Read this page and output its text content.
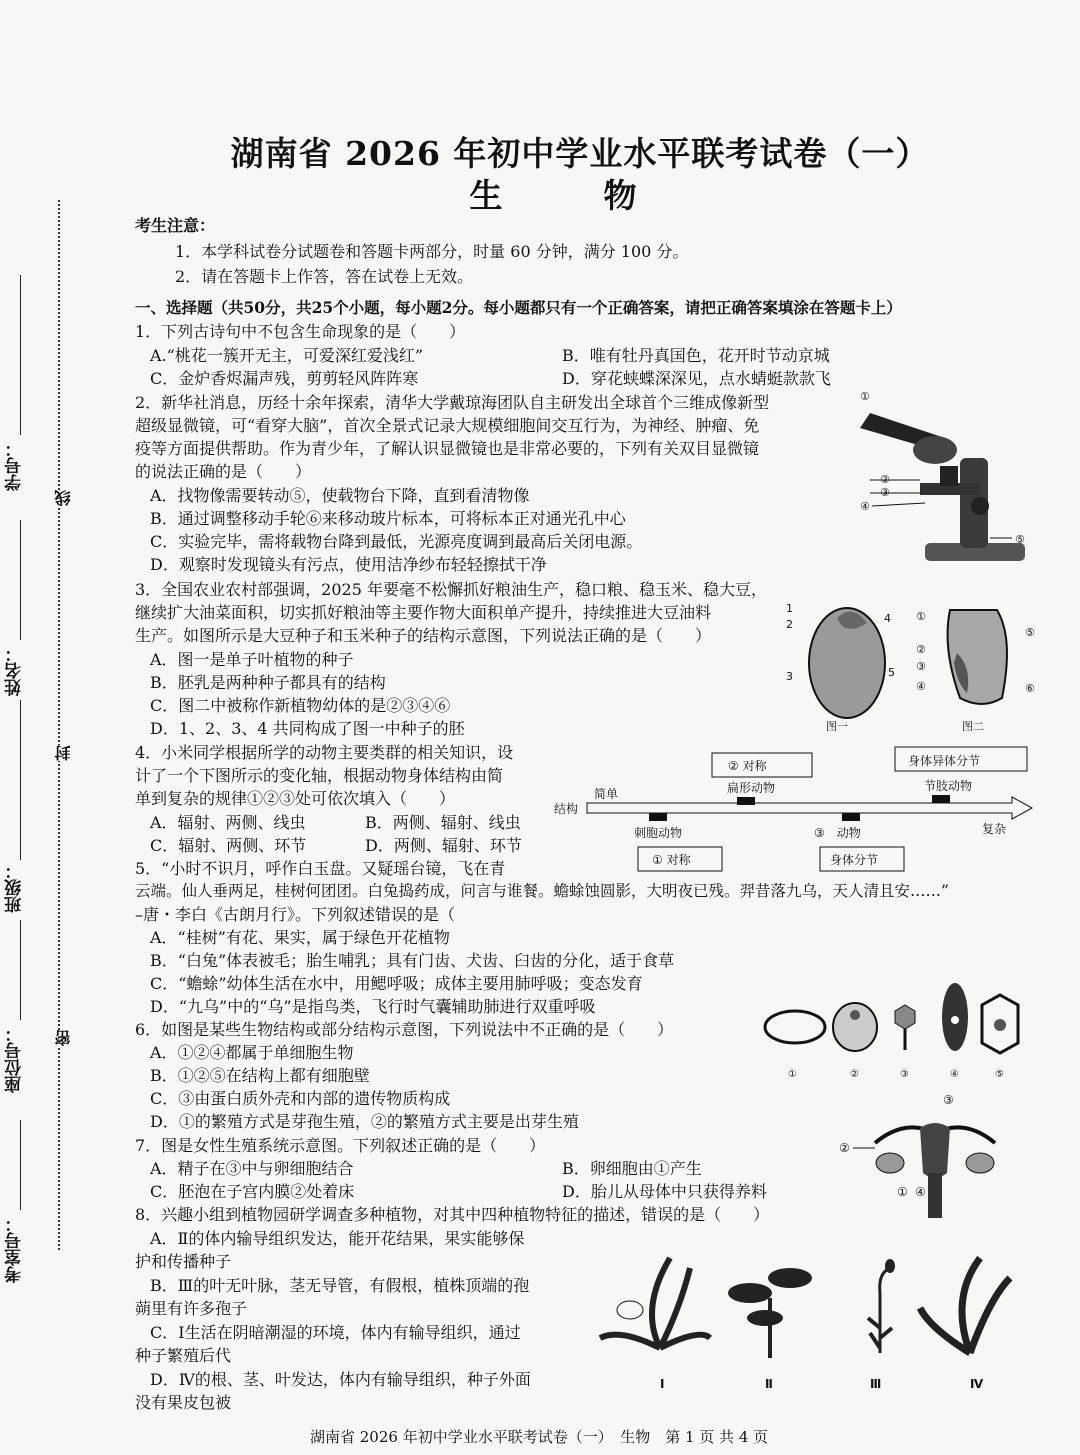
湖南省 2026 年初中学业水平联考试卷（一）
生　物
学号：
姓名：
班级：
座位号：
考室号：
线
封
密
考生注意：
1．本学科试卷分试题卷和答题卡两部分，时量 60 分钟，满分 100 分。
2．请在答题卡上作答，答在试卷上无效。
一、选择题（共50分，共25个小题，每小题2分。每小题都只有一个正确答案，请把正确答案填涂在答题卡上）
1．下列古诗句中不包含生命现象的是（　　）
A.“桃花一簇开无主，可爱深红爱浅红”	B．唯有牡丹真国色，花开时节动京城
C．金炉香烬漏声残，剪剪轻风阵阵寒	D．穿花蛱蝶深深见，点水蜻蜓款款飞
2．新华社消息，历经十余年探索，清华大学戴琼海团队自主研发出全球首个三维成像新型
超级显微镜，可“看穿大脑”，首次全景式记录大规模细胞间交互行为，为神经、肿瘤、免
疫等方面提供帮助。作为青少年，了解认识显微镜也是非常必要的，下列有关双目显微镜
的说法正确的是（　　）
A．找物像需要转动⑤，使载物台下降，直到看清物像
B．通过调整移动手轮⑥来移动玻片标本，可将标本正对通光孔中心
C．实验完毕，需将载物台降到最低，光源亮度调到最高后关闭电源。
D．观察时发现镜头有污点，使用洁净纱布轻轻擦拭干净
①
②
③
④
⑤
3．全国农业农村部强调，2025 年要毫不松懈抓好粮油生产，稳口粮、稳玉米、稳大豆，
继续扩大油菜面积，切实抓好粮油等主要作物大面积单产提升，持续推进大豆油料
生产。如图所示是大豆种子和玉米种子的结构示意图，下列说法正确的是（　　）
A．图一是单子叶植物的种子
B．胚乳是两种种子都具有的结构
C．图二中被称作新植物幼体的是②③④⑥
D．1、2、3、4 共同构成了图一中种子的胚
1
2
3
4
5
图一
①
②
③
④
⑤
⑥
图二
4．小米同学根据所学的动物主要类群的相关知识，设
计了一个下图所示的变化轴，根据动物身体结构由简
单到复杂的规律①②③处可依次填入（　　）
A．辐射、两侧、线虫	B．两侧、辐射、线虫
C．辐射、两侧、环节	D．两侧、辐射、环节
② 对称	身体异体分节
扁形动物	节肢动物
简单
结构
复杂
刺胞动物	③　动物
① 对称	身体分节
5．“小时不识月，呼作白玉盘。又疑瑶台镜，飞在青
云端。仙人垂两足，桂树何团团。白兔捣药成，问言与谁餐。蟾蜍蚀圆影，大明夜已残。羿昔落九乌，天人清且安……”
–唐・李白《古朗月行》。下列叙述错误的是（
A．“桂树”有花、果实，属于绿色开花植物
B．“白兔”体表被毛；胎生哺乳；具有门齿、犬齿、臼齿的分化，适于食草
C．“蟾蜍”幼体生活在水中，用鳃呼吸；成体主要用肺呼吸；变态发育
D．“九乌”中的“乌”是指鸟类，飞行时气囊辅助肺进行双重呼吸
6．如图是某些生物结构或部分结构示意图，下列说法中不正确的是（　　）
A．①②④都属于单细胞生物
B．①②⑤在结构上都有细胞壁
C．③由蛋白质外壳和内部的遗传物质构成
D．①的繁殖方式是芽孢生殖，②的繁殖方式主要是出芽生殖
①	②	③	④	⑤
7．图是女性生殖系统示意图。下列叙述正确的是（　　）
A．精子在③中与卵细胞结合	B．卵细胞由①产生
C．胚泡在子宫内膜②处着床	D．胎儿从母体中只获得养料
②
③
① ④
8．兴趣小组到植物园研学调查多种植物，对其中四种植物特征的描述，错误的是（　　）
A．Ⅱ的体内输导组织发达，能开花结果，果实能够保
护和传播种子
B．Ⅲ的叶无叶脉，茎无导管，有假根，植株顶端的孢
蒴里有许多孢子
C．Ⅰ生活在阴暗潮湿的环境，体内有输导组织，通过
种子繁殖后代
D．Ⅳ的根、茎、叶发达，体内有输导组织，种子外面
没有果皮包被
Ⅰ	Ⅱ	Ⅲ	Ⅳ
湖南省 2026 年初中学业水平联考试卷（一）　生物　第 1 页 共 4 页
